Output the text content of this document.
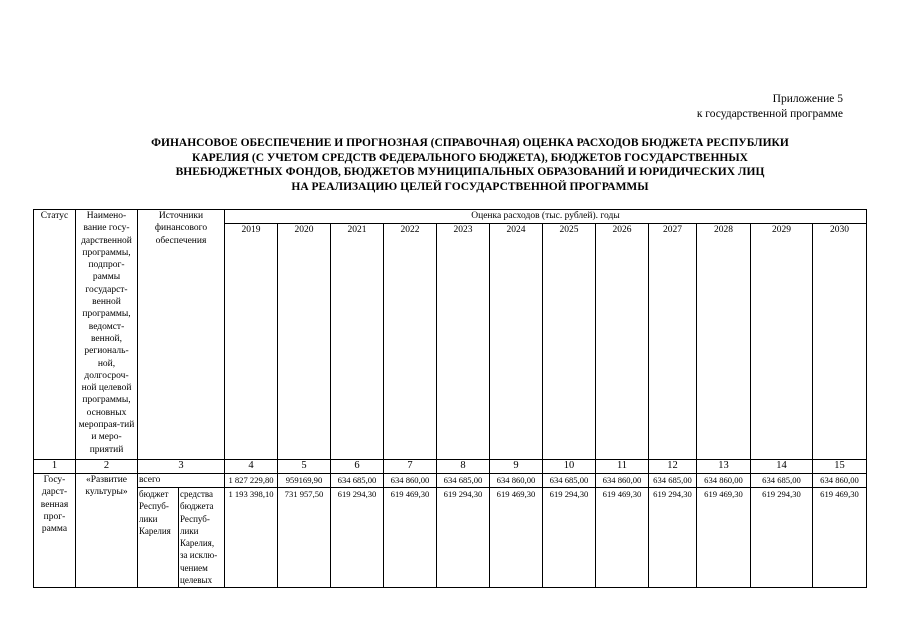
Приложение 5
к государственной программе
ФИНАНСОВОЕ ОБЕСПЕЧЕНИЕ И ПРОГНОЗНАЯ (СПРАВОЧНАЯ) ОЦЕНКА РАСХОДОВ БЮДЖЕТА РЕСПУБЛИКИ
КАРЕЛИЯ (С УЧЕТОМ СРЕДСТВ ФЕДЕРАЛЬНОГО БЮДЖЕТА), БЮДЖЕТОВ ГОСУДАРСТВЕННЫХ
ВНЕБЮДЖЕТНЫХ ФОНДОВ, БЮДЖЕТОВ МУНИЦИПАЛЬНЫХ ОБРАЗОВАНИЙ И ЮРИДИЧЕСКИХ ЛИЦ
НА РЕАЛИЗАЦИЮ ЦЕЛЕЙ ГОСУДАРСТВЕННОЙ ПРОГРАММЫ
Статус	Наимено-вание госу-дарственной программы, подпрог-раммы государст-венной программы, ведомст-венной, региональ-ной, долгосроч-ной целевой программы, основных меропрая-тий и меро-приятий	Источники финансового обеспечения		Оценка расходов (тыс. рублей). годы											
				2019	2020	2021	2022	2023	2024	2025	2026	2027	2028	2029	2030
1	2	3		4	5	6	7	8	9	10	11	12	13	14	15
Госу-дарст-венная прог-рамма	«Развитие культуры»	всего		1 827 229,80	959169,90	634 685,00	634 860,00	634 685,00	634 860,00	634 685,00	634 860,00	634 685,00	634 860,00	634 685,00	634 860,00
		бюджет Респуб-лики Карелия	средства бюджета Респуб-лики Карелия, за исклю-чением целевых	1 193 398,10	731 957,50	619 294,30	619 469,30	619 294,30	619 469,30	619 294,30	619 469,30	619 294,30	619 469,30	619 294,30	619 469,30
